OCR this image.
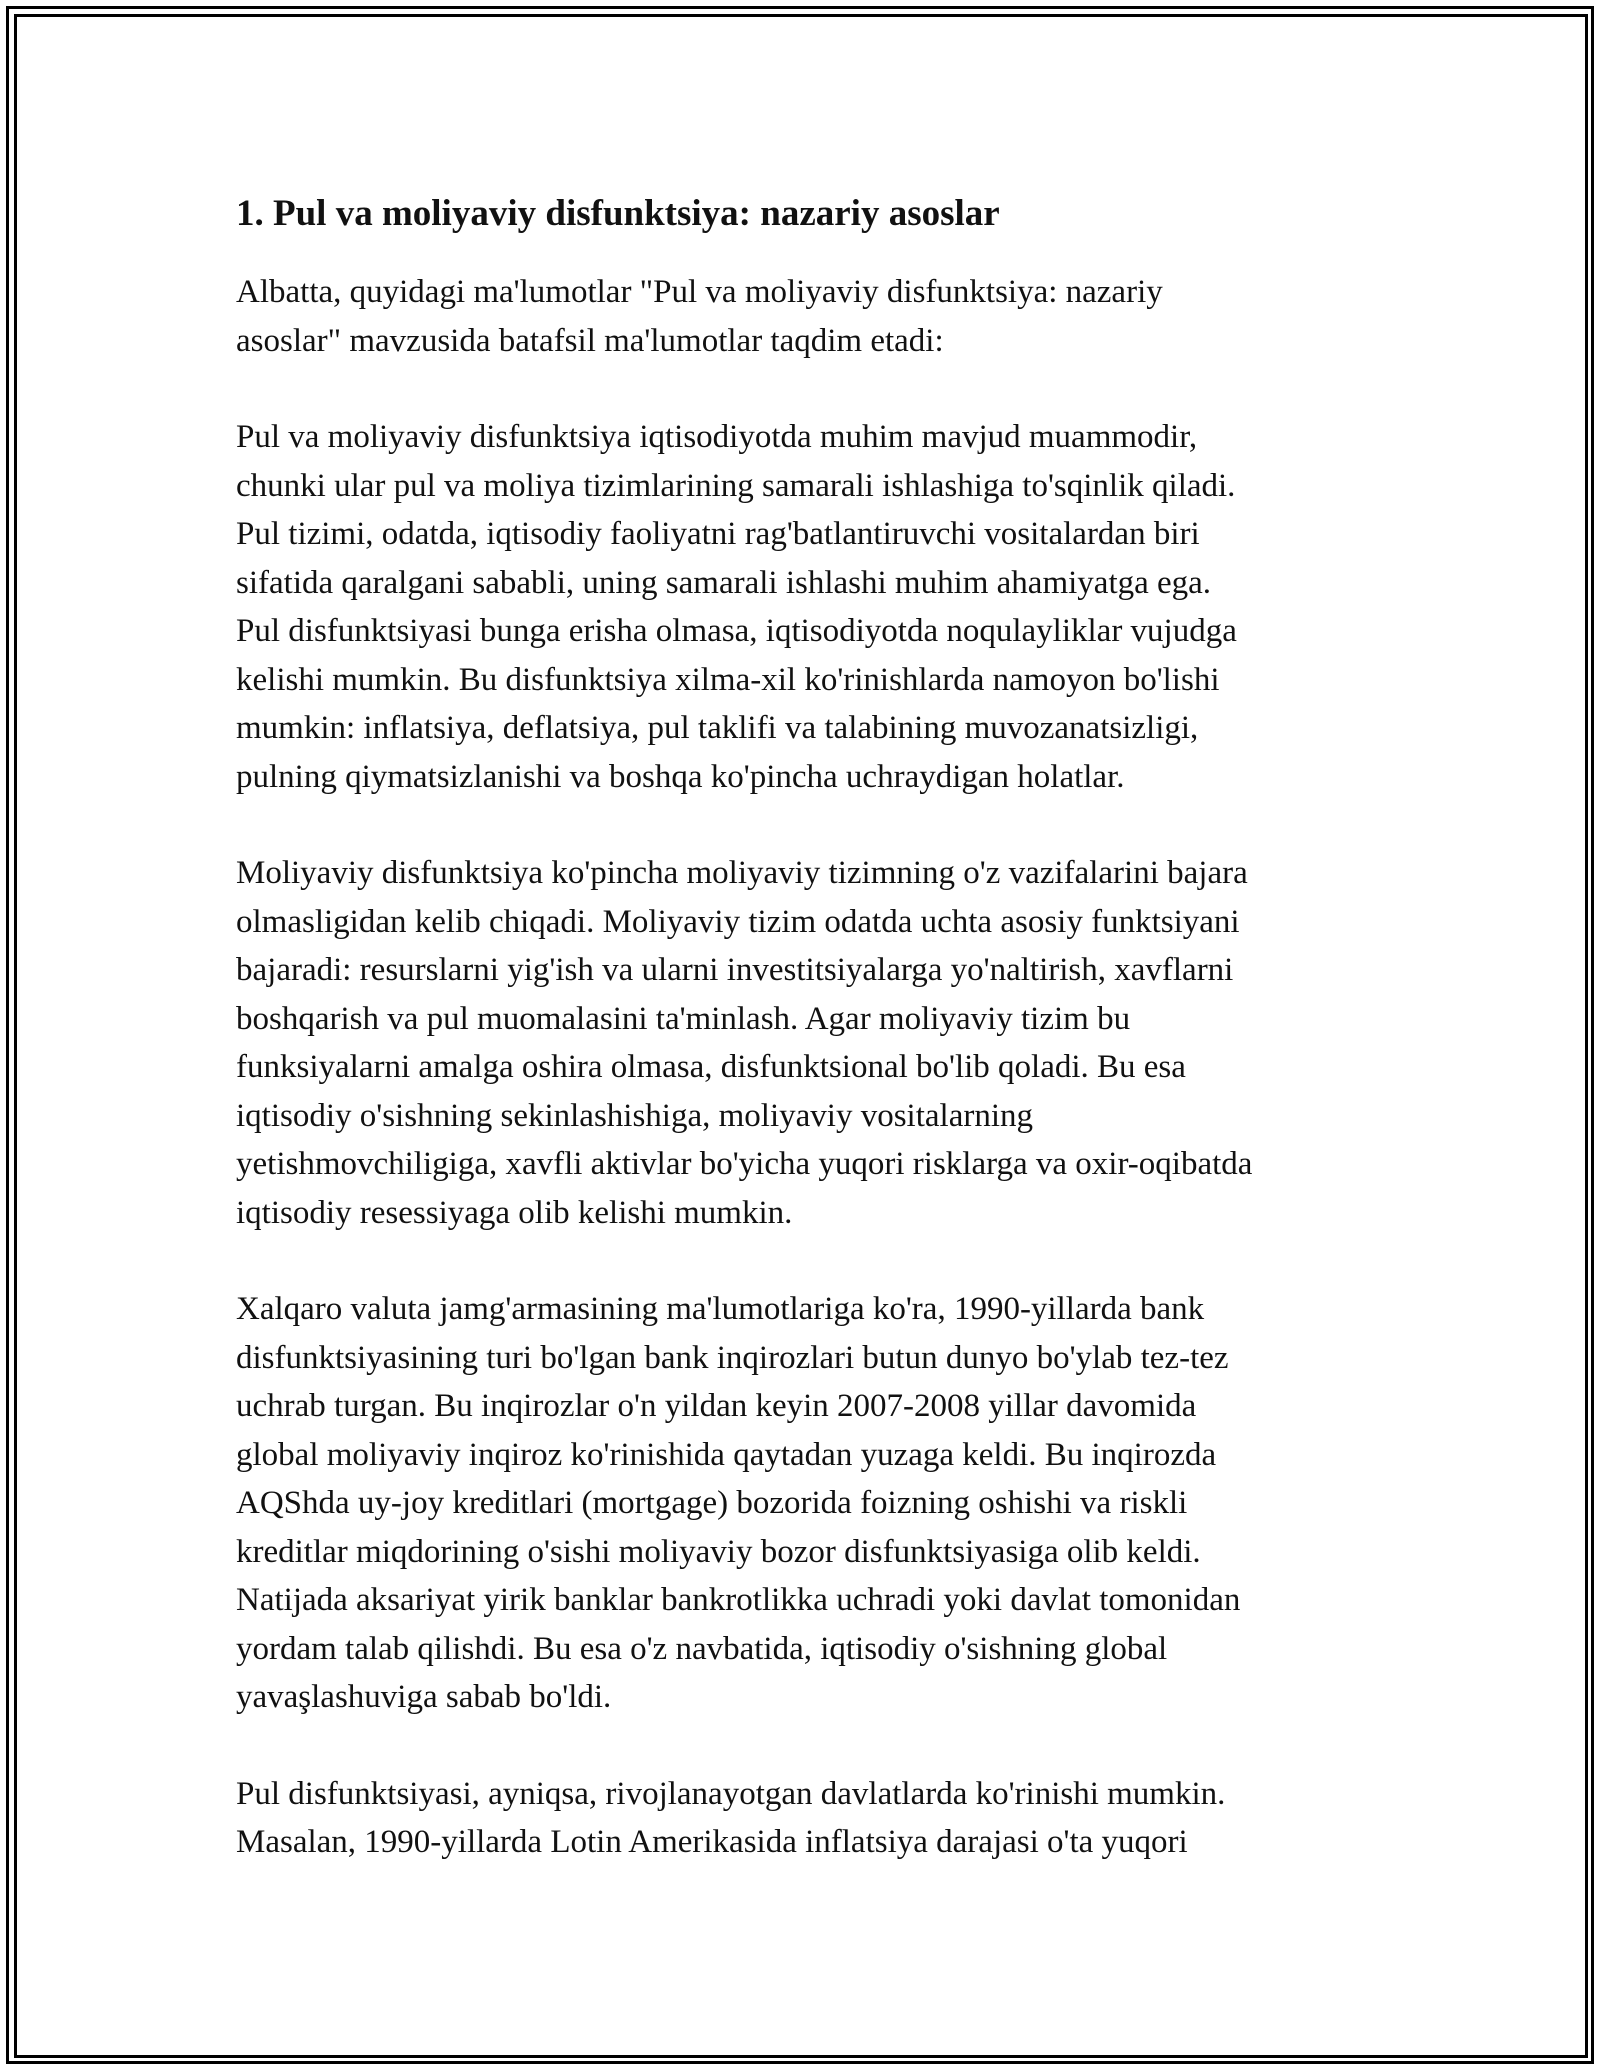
1. Pul va moliyaviy disfunktsiya: nazariy asoslar

Albatta, quyidagi ma'lumotlar "Pul va moliyaviy disfunktsiya: nazariy
asoslar" mavzusida batafsil ma'lumotlar taqdim etadi:

Pul va moliyaviy disfunktsiya iqtisodiyotda muhim mavjud muammodir,
chunki ular pul va moliya tizimlarining samarali ishlashiga to'sqinlik qiladi.
Pul tizimi, odatda, iqtisodiy faoliyatni rag'batlantiruvchi vositalardan biri
sifatida qaralgani sababli, uning samarali ishlashi muhim ahamiyatga ega.
Pul disfunktsiyasi bunga erisha olmasa, iqtisodiyotda noqulayliklar vujudga
kelishi mumkin. Bu disfunktsiya xilma-xil ko'rinishlarda namoyon bo'lishi
mumkin: inflatsiya, deflatsiya, pul taklifi va talabining muvozanatsizligi,
pulning qiymatsizlanishi va boshqa ko'pincha uchraydigan holatlar.

Moliyaviy disfunktsiya ko'pincha moliyaviy tizimning o'z vazifalarini bajara
olmasligidan kelib chiqadi. Moliyaviy tizim odatda uchta asosiy funktsiyani
bajaradi: resurslarni yig'ish va ularni investitsiyalarga yo'naltirish, xavflarni
boshqarish va pul muomalasini ta'minlash. Agar moliyaviy tizim bu
funksiyalarni amalga oshira olmasa, disfunktsional bo'lib qoladi. Bu esa
iqtisodiy o'sishning sekinlashishiga, moliyaviy vositalarning
yetishmovchiligiga, xavfli aktivlar bo'yicha yuqori risklarga va oxir-oqibatda
iqtisodiy resessiyaga olib kelishi mumkin.

Xalqaro valuta jamg'armasining ma'lumotlariga ko'ra, 1990-yillarda bank
disfunktsiyasining turi bo'lgan bank inqirozlari butun dunyo bo'ylab tez-tez
uchrab turgan. Bu inqirozlar o'n yildan keyin 2007-2008 yillar davomida
global moliyaviy inqiroz ko'rinishida qaytadan yuzaga keldi. Bu inqirozda
AQShda uy-joy kreditlari (mortgage) bozorida foizning oshishi va riskli
kreditlar miqdorining o'sishi moliyaviy bozor disfunktsiyasiga olib keldi.
Natijada aksariyat yirik banklar bankrotlikka uchradi yoki davlat tomonidan
yordam talab qilishdi. Bu esa o'z navbatida, iqtisodiy o'sishning global
yavaşlashuviga sabab bo'ldi.

Pul disfunktsiyasi, ayniqsa, rivojlanayotgan davlatlarda ko'rinishi mumkin.
Masalan, 1990-yillarda Lotin Amerikasida inflatsiya darajasi o'ta yuqori
